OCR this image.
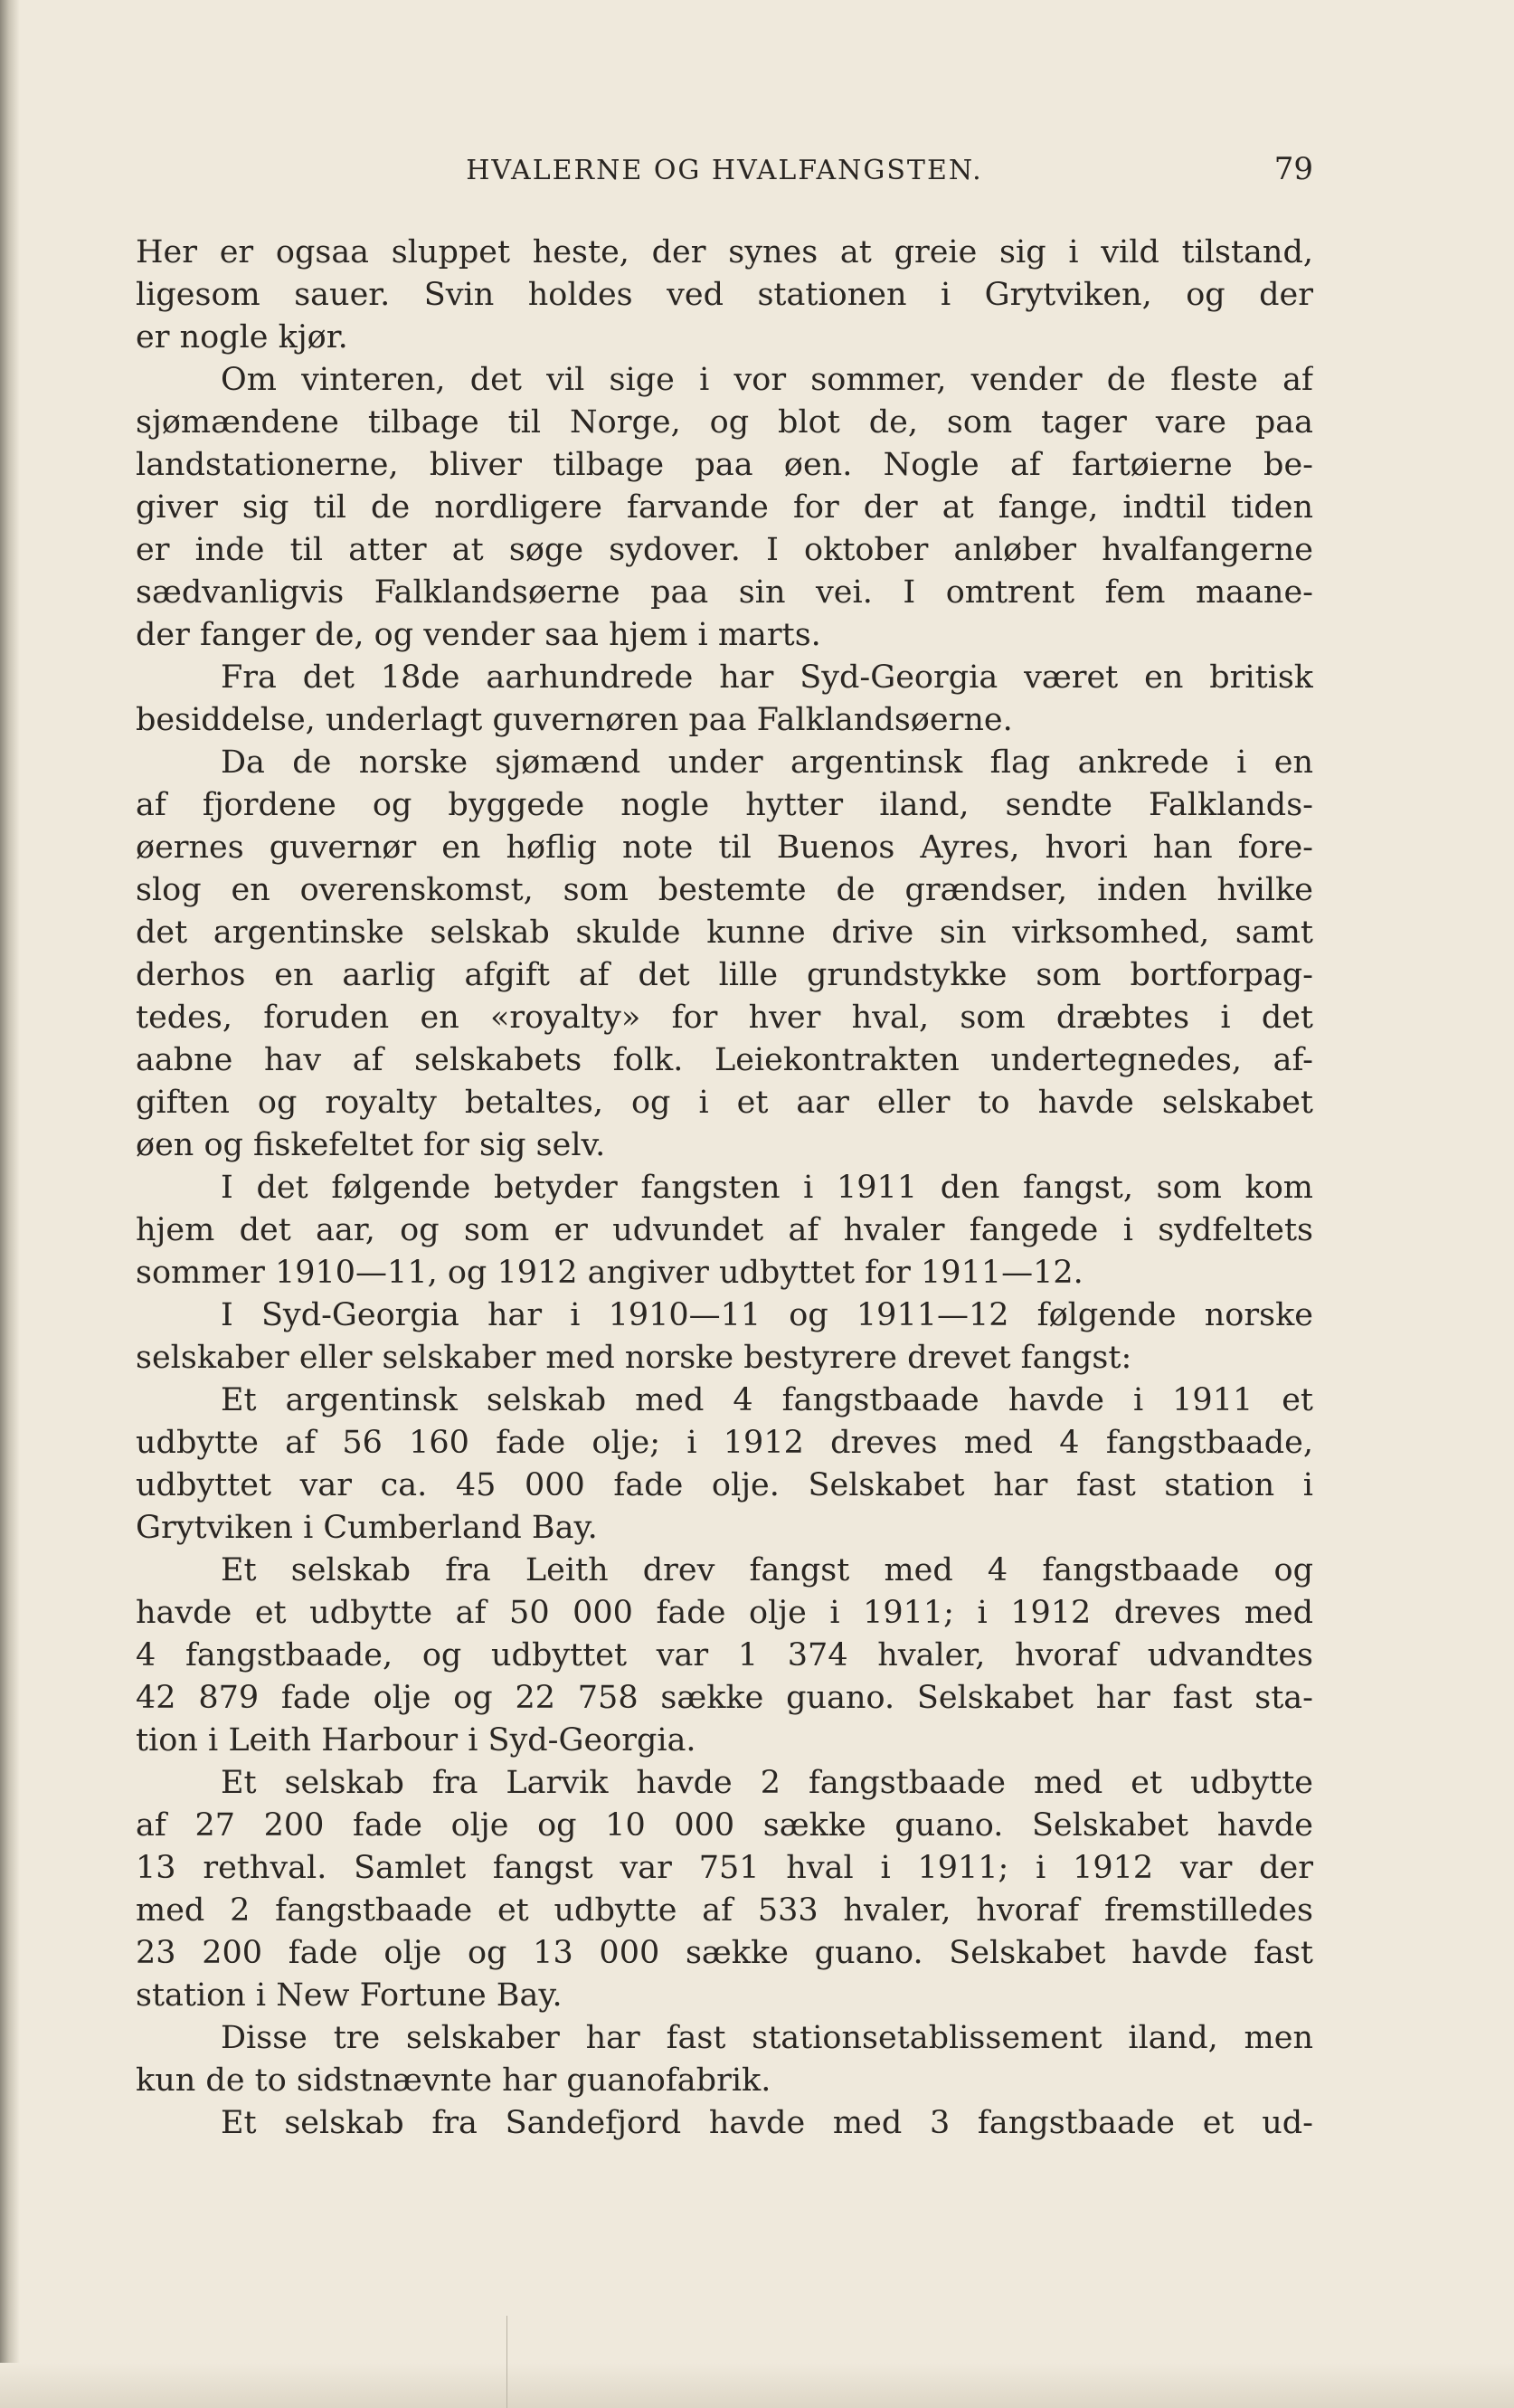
HVALERNE OG HVALFANGSTEN.	79
Her er ogsaa sluppet heste, der synes at greie sig i vild tilstand,
ligesom sauer. Svin holdes ved stationen i Grytviken, og der
er nogle kjør.
Om vinteren, det vil sige i vor sommer, vender de fleste af
sjømændene tilbage til Norge, og blot de, som tager vare paa
landstationerne, bliver tilbage paa øen. Nogle af fartøierne be-
giver sig til de nordligere farvande for der at fange, indtil tiden
er inde til atter at søge sydover. I oktober anløber hvalfangerne
sædvanligvis Falklandsøerne paa sin vei. I omtrent fem maane-
der fanger de, og vender saa hjem i marts.
Fra det 18de aarhundrede har Syd-Georgia været en britisk
besiddelse, underlagt guvernøren paa Falklandsøerne.
Da de norske sjømænd under argentinsk flag ankrede i en
af fjordene og byggede nogle hytter iland, sendte Falklands-
øernes guvernør en høflig note til Buenos Ayres, hvori han fore-
slog en overenskomst, som bestemte de grændser, inden hvilke
det argentinske selskab skulde kunne drive sin virksomhed, samt
derhos en aarlig afgift af det lille grundstykke som bortforpag-
tedes, foruden en «royalty» for hver hval, som dræbtes i det
aabne hav af selskabets folk. Leiekontrakten undertegnedes, af-
giften og royalty betaltes, og i et aar eller to havde selskabet
øen og fiskefeltet for sig selv.
I det følgende betyder fangsten i 1911 den fangst, som kom
hjem det aar, og som er udvundet af hvaler fangede i sydfeltets
sommer 1910—11, og 1912 angiver udbyttet for 1911—12.
I Syd-Georgia har i 1910—11 og 1911—12 følgende norske
selskaber eller selskaber med norske bestyrere drevet fangst:
Et argentinsk selskab med 4 fangstbaade havde i 1911 et
udbytte af 56 160 fade olje; i 1912 dreves med 4 fangstbaade,
udbyttet var ca. 45 000 fade olje. Selskabet har fast station i
Grytviken i Cumberland Bay.
Et selskab fra Leith drev fangst med 4 fangstbaade og
havde et udbytte af 50 000 fade olje i 1911; i 1912 dreves med
4 fangstbaade, og udbyttet var 1 374 hvaler, hvoraf udvandtes
42 879 fade olje og 22 758 sække guano. Selskabet har fast sta-
tion i Leith Harbour i Syd-Georgia.
Et selskab fra Larvik havde 2 fangstbaade med et udbytte
af 27 200 fade olje og 10 000 sække guano. Selskabet havde
13 rethval. Samlet fangst var 751 hval i 1911; i 1912 var der
med 2 fangstbaade et udbytte af 533 hvaler, hvoraf fremstilledes
23 200 fade olje og 13 000 sække guano. Selskabet havde fast
station i New Fortune Bay.
Disse tre selskaber har fast stationsetablissement iland, men
kun de to sidstnævnte har guanofabrik.
Et selskab fra Sandefjord havde med 3 fangstbaade et ud-
